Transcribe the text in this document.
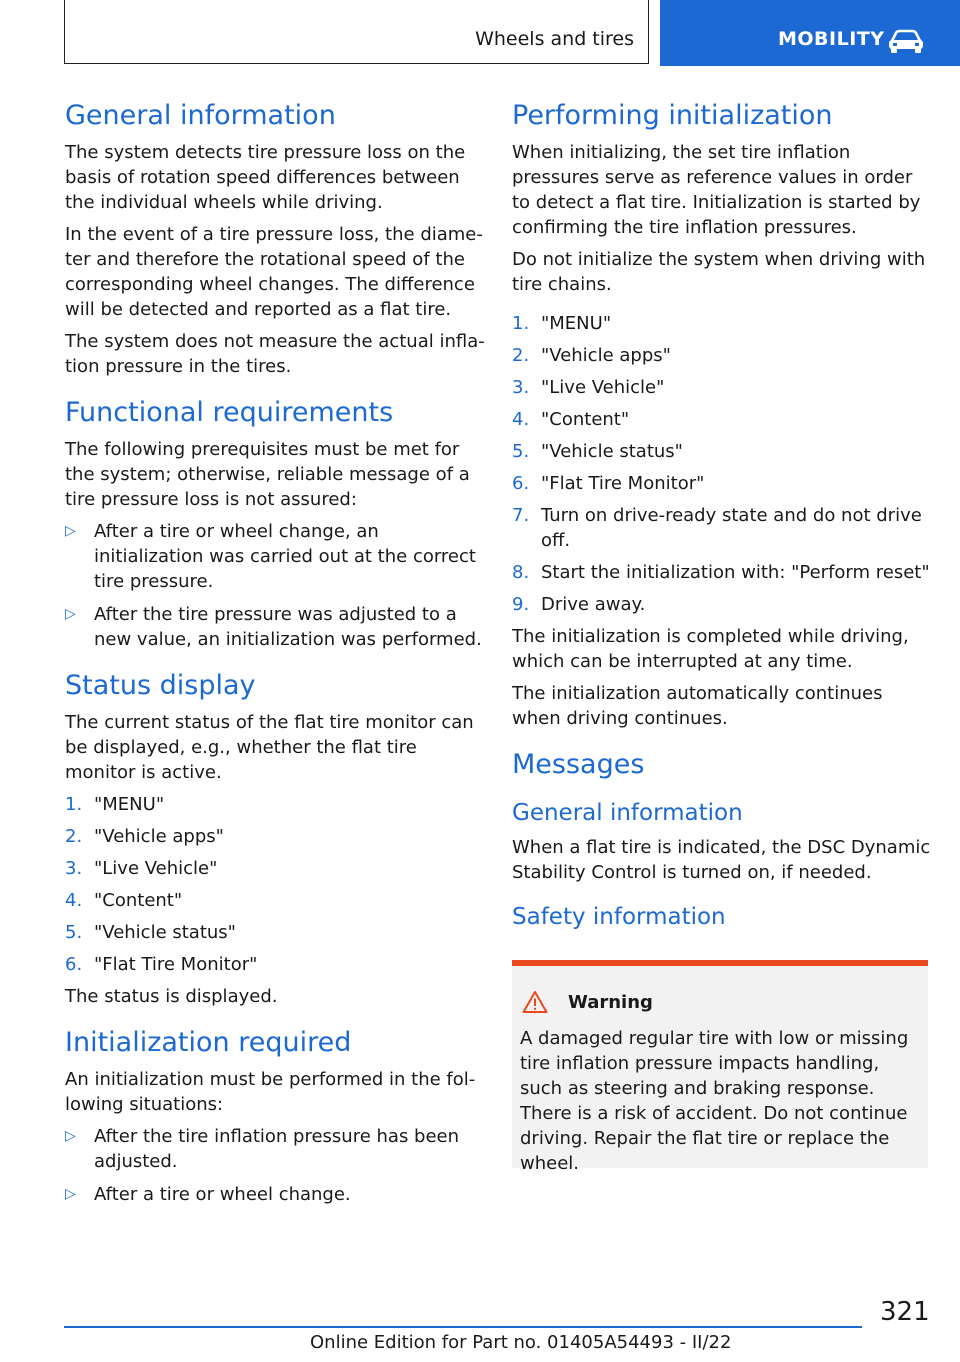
Wheels and tires	MOBILITY
General information

The system detects tire pressure loss on the basis of rotation speed differences between the individual wheels while driving.

In the event of a tire pressure loss, the diameter and therefore the rotational speed of the corresponding wheel changes. The difference will be detected and reported as a flat tire.

The system does not measure the actual inflation pressure in the tires.

Functional requirements

The following prerequisites must be met for the system; otherwise, reliable message of a tire pressure loss is not assured:

▷ After a tire or wheel change, an initialization was carried out at the correct tire pressure.
▷ After the tire pressure was adjusted to a new value, an initialization was performed.
Status display

The current status of the flat tire monitor can be displayed, e.g., whether the flat tire monitor is active.

1. "MENU"
2. "Vehicle apps"
3. "Live Vehicle"
4. "Content"
5. "Vehicle status"
6. "Flat Tire Monitor"

The status is displayed.

Initialization required

An initialization must be performed in the following situations:

▷ After the tire inflation pressure has been adjusted.
▷ After a tire or wheel change.
Performing initialization

When initializing, the set tire inflation pressures serve as reference values in order to detect a flat tire. Initialization is started by confirming the tire inflation pressures.

Do not initialize the system when driving with tire chains.

1. "MENU"
2. "Vehicle apps"
3. "Live Vehicle"
4. "Content"
5. "Vehicle status"
6. "Flat Tire Monitor"
7. Turn on drive-ready state and do not drive off.
8. Start the initialization with: "Perform reset"
9. Drive away.

The initialization is completed while driving, which can be interrupted at any time.

The initialization automatically continues when driving continues.

Messages
General information

When a flat tire is indicated, the DSC Dynamic Stability Control is turned on, if needed.

Safety information
Warning

A damaged regular tire with low or missing tire inflation pressure impacts handling, such as steering and braking response. There is a risk of accident. Do not continue driving. Repair the flat tire or replace the wheel.

321
Online Edition for Part no. 01405A54493 - II/22
